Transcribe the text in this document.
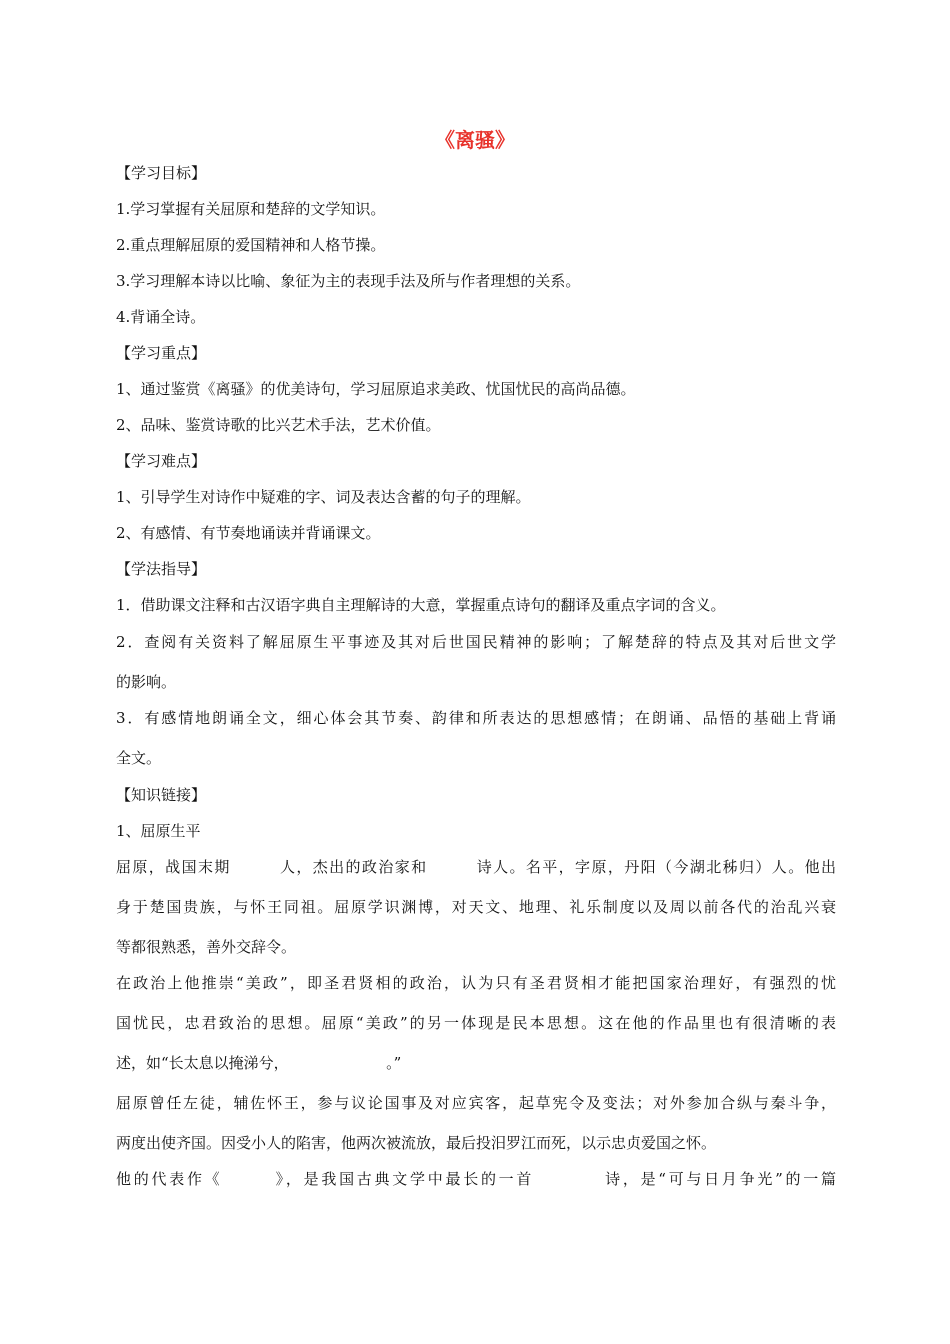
《离骚》
【学习目标】
1.学习掌握有关屈原和楚辞的文学知识。
2.重点理解屈原的爱国精神和人格节操。
3.学习理解本诗以比喻、象征为主的表现手法及所与作者理想的关系。
4.背诵全诗。
【学习重点】
1、通过鉴赏《离骚》的优美诗句，学习屈原追求美政、忧国忧民的高尚品德。
2、品味、鉴赏诗歌的比兴艺术手法，艺术价值。
【学习难点】
1、引导学生对诗作中疑难的字、词及表达含蓄的句子的理解。
2、有感情、有节奏地诵读并背诵课文。
【学法指导】
1．借助课文注释和古汉语字典自主理解诗的大意，掌握重点诗句的翻译及重点字词的含义。
2．查阅有关资料了解屈原生平事迹及其对后世国民精神的影响；了解楚辞的特点及其对后世文学
的影响。
3．有感情地朗诵全文，细心体会其节奏、韵律和所表达的思想感情；在朗诵、品悟的基础上背诵
全文。
【知识链接】
1、屈原生平
屈原，战国末期　　　人，杰出的政治家和　　　诗人。名平，字原，丹阳（今湖北秭归）人。他出
身于楚国贵族，与怀王同祖。屈原学识渊博，对天文、地理、礼乐制度以及周以前各代的治乱兴衰
等都很熟悉，善外交辞令。
在政治上他推崇“美政”，即圣君贤相的政治，认为只有圣君贤相才能把国家治理好，有强烈的忧
国忧民，忠君致治的思想。屈原“美政”的另一体现是民本思想。这在他的作品里也有很清晰的表
述，如“长太息以掩涕兮，　　　　　　　。”
屈原曾任左徒，辅佐怀王，参与议论国事及对应宾客，起草宪令及变法；对外参加合纵与秦斗争，
两度出使齐国。因受小人的陷害，他两次被流放，最后投汨罗江而死，以示忠贞爱国之怀。
他的代表作《　　　》，是我国古典文学中最长的一首　　　　诗，是“可与日月争光”的一篇
